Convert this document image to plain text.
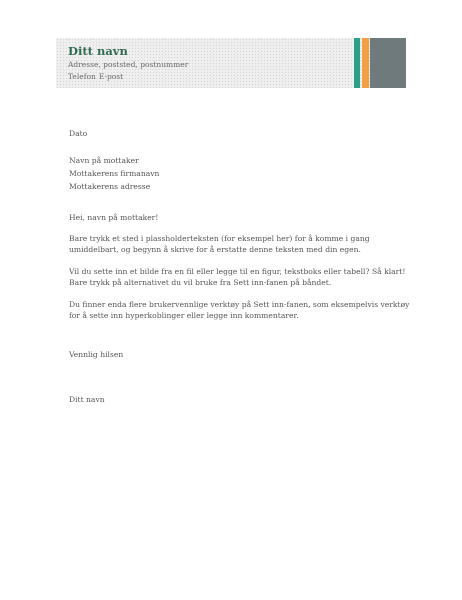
Ditt navn
Adresse, poststed, postnummer
Telefon E-post
Dato
Navn på mottaker
Mottakerens firmanavn
Mottakerens adresse
Hei, navn på mottaker!
Bare trykk et sted i plassholderteksten (for eksempel her) for å komme i gang
umiddelbart, og begynn å skrive for å erstatte denne teksten med din egen.
Vil du sette inn et bilde fra en fil eller legge til en figur, tekstboks eller tabell? Så klart!
Bare trykk på alternativet du vil bruke fra Sett inn-fanen på båndet.
Du finner enda flere brukervennlige verktøy på Sett inn-fanen, som eksempelvis verktøy
for å sette inn hyperkoblinger eller legge inn kommentarer.
Vennlig hilsen
Ditt navn
